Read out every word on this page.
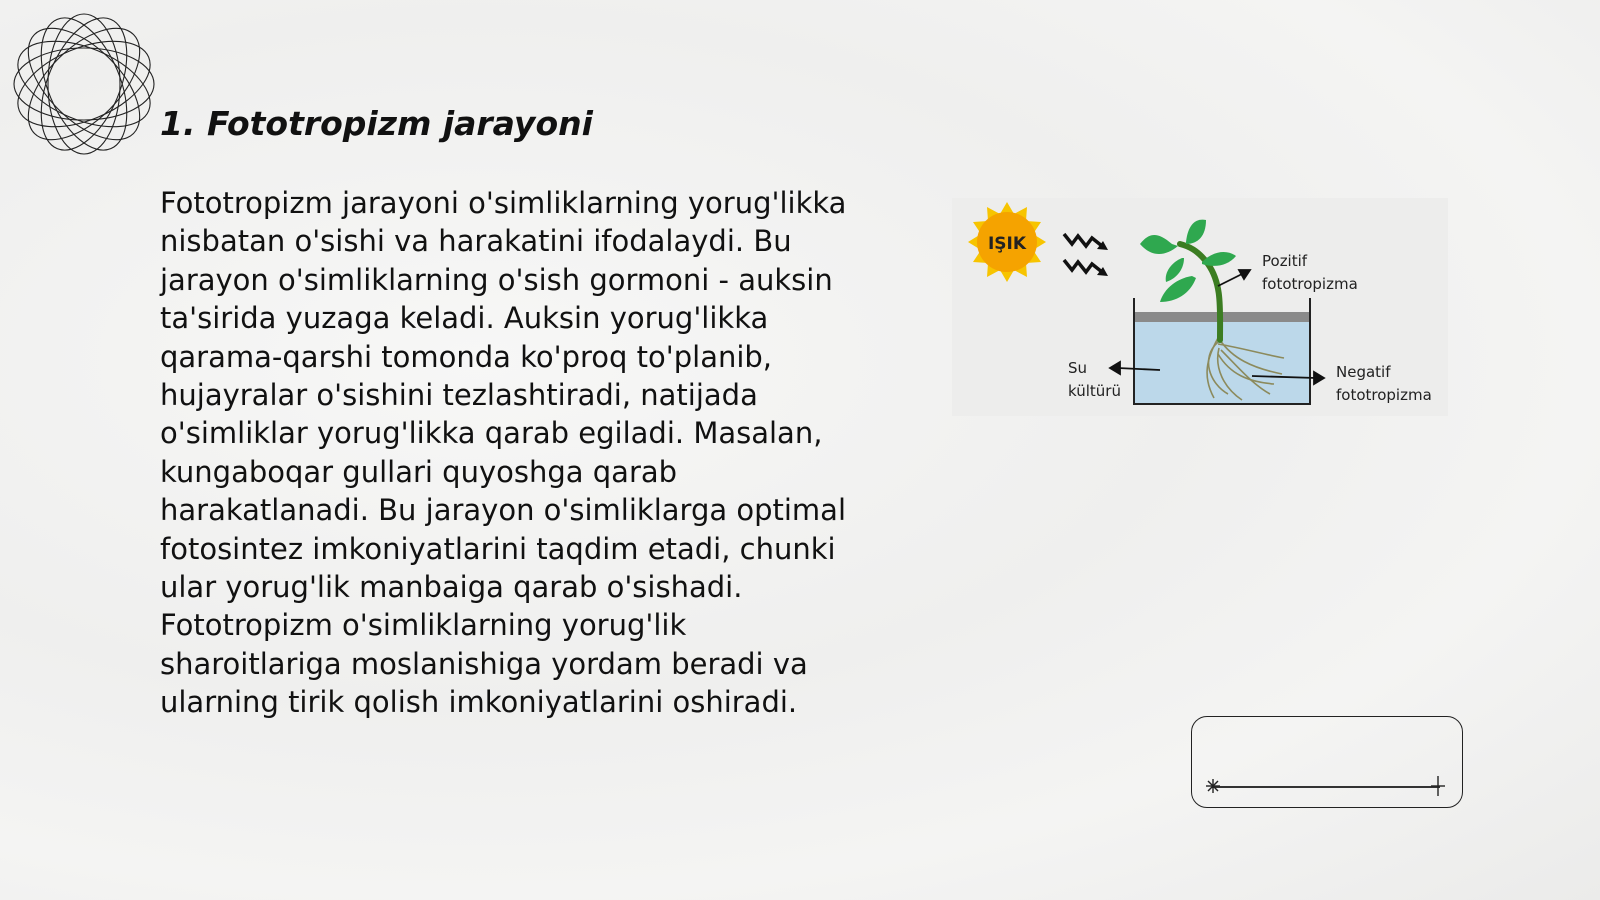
1. Fototropizm jarayoni
Fototropizm jarayoni o'simliklarning yorug'likka nisbatan o'sishi va harakatini ifodalaydi. Bu jarayon o'simliklarning o'sish gormoni - auksin ta'sirida yuzaga keladi. Auksin yorug'likka qarama-qarshi tomonda ko'proq to'planib, hujayralar o'sishini tezlashtiradi, natijada o'simliklar yorug'likka qarab egiladi. Masalan, kungaboqar gullari quyoshga qarab harakatlanadi. Bu jarayon o'simliklarga optimal fotosintez imkoniyatlarini taqdim etadi, chunki ular yorug'lik manbaiga qarab o'sishadi. Fototropizm o'simliklarning yorug'lik sharoitlariga moslanishiga yordam beradi va ularning tirik qolish imkoniyatlarini oshiradi.
IŞIK
Pozitif
fototropizma
Su
kültürü
Negatif
fototropizma
